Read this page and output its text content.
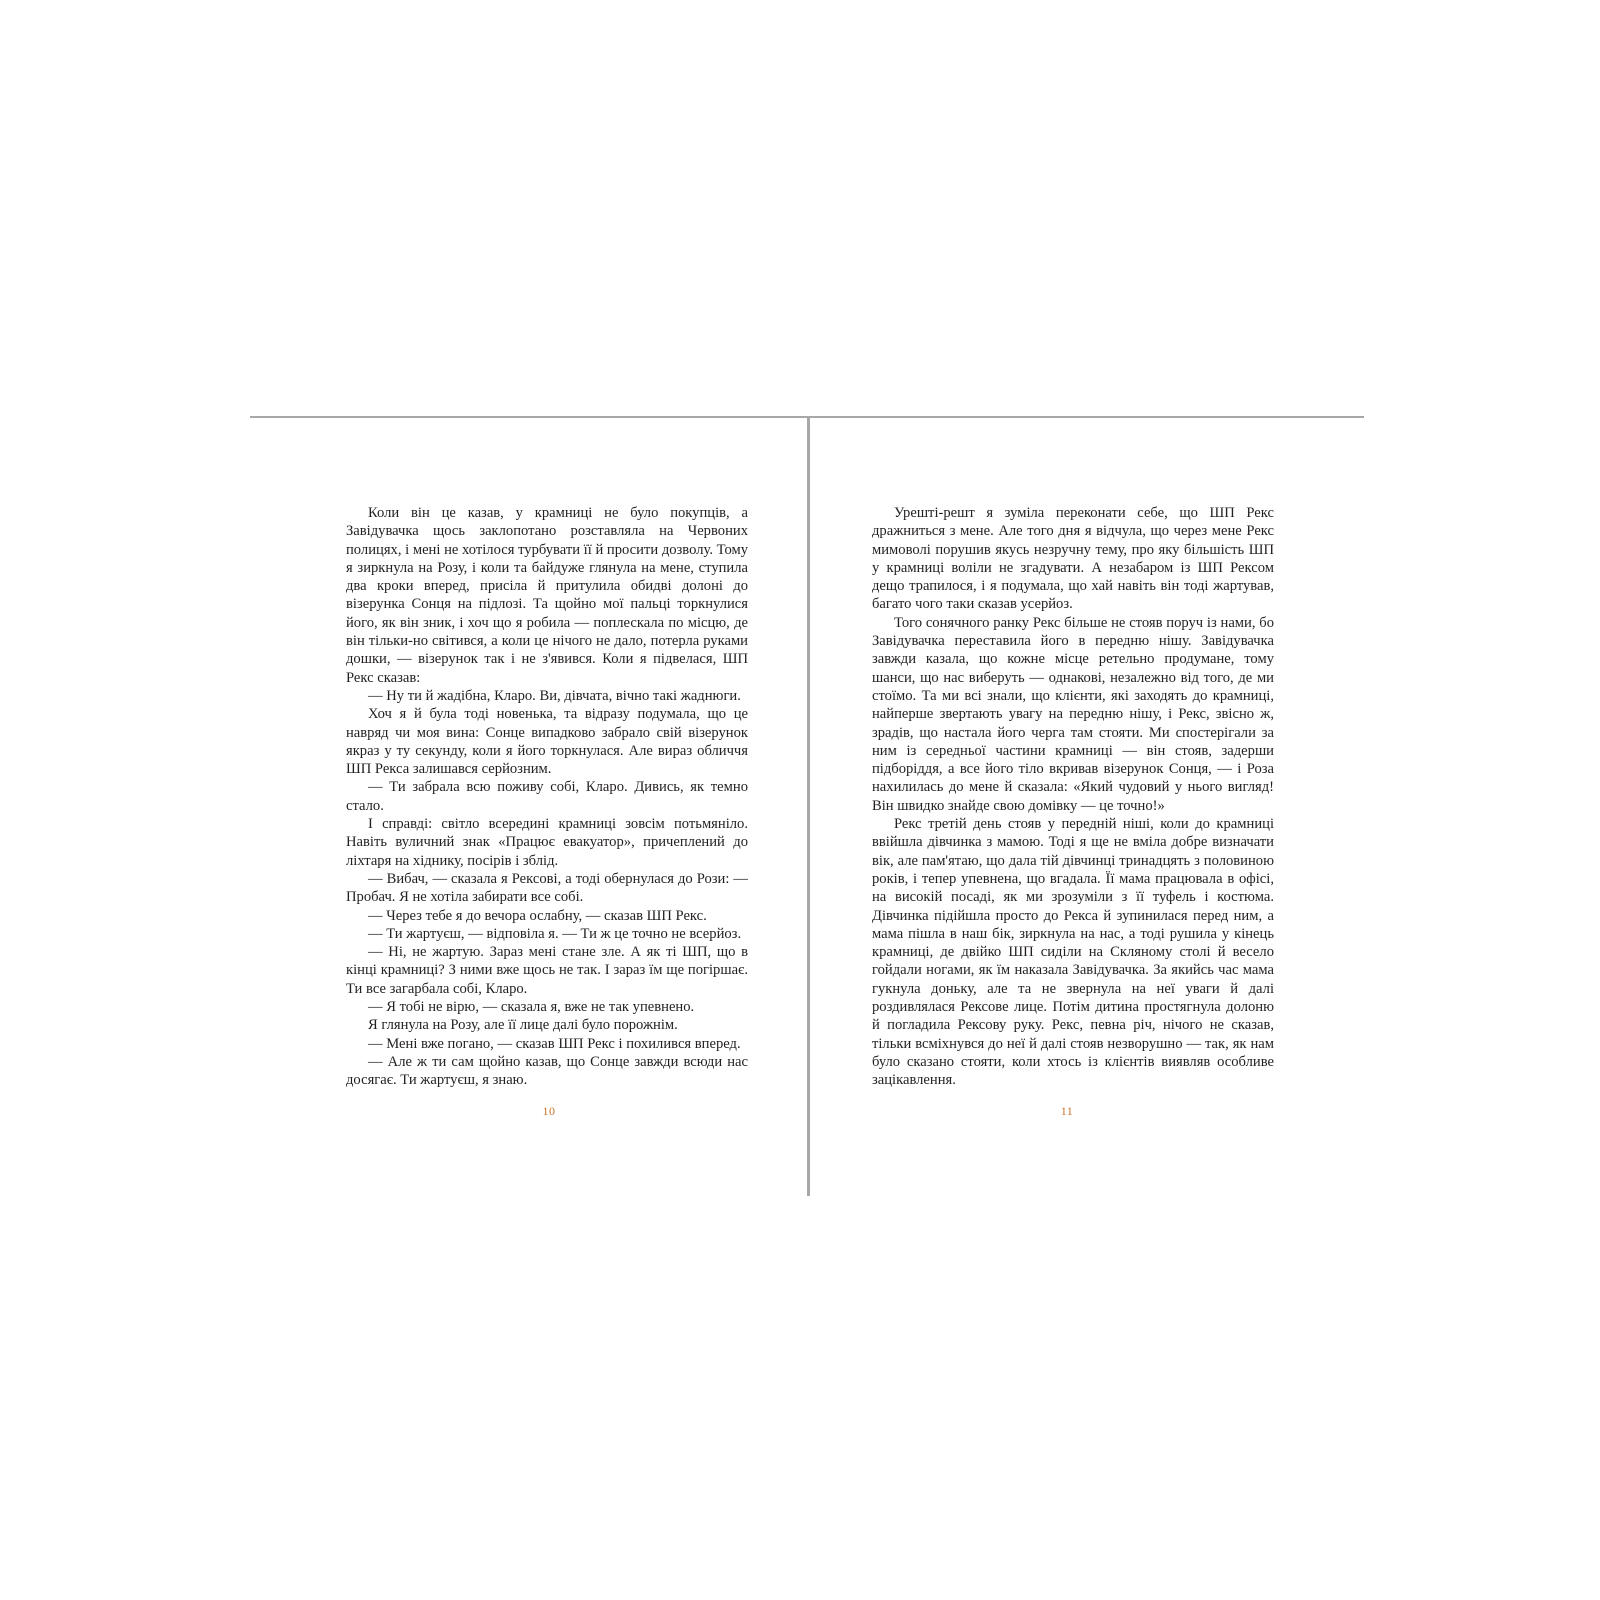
Коли він це казав, у крамниці не було покупців, а Завідувачка щось заклопотано розставляла на Червоних полицях, і мені не хотілося турбувати її й просити дозволу. Тому я зиркнула на Розу, і коли та байдуже глянула на мене, ступила два кроки вперед, присіла й притулила обидві долоні до візерунка Сонця на підлозі. Та щойно мої пальці торкнулися його, як він зник, і хоч що я робила — поплескала по місцю, де він тільки-но світився, а коли це нічого не дало, потерла руками дошки, — візерунок так і не з'явився. Коли я підвелася, ШП Рекс сказав:

— Ну ти й жадібна, Кларо. Ви, дівчата, вічно такі жаднюги.

Хоч я й була тоді новенька, та відразу подумала, що це навряд чи моя вина: Сонце випадково забрало свій візерунок якраз у ту секунду, коли я його торкнулася. Але вираз обличчя ШП Рекса залишався серйозним.

— Ти забрала всю поживу собі, Кларо. Дивись, як темно стало.

І справді: світло всередині крамниці зовсім потьмяніло. Навіть вуличний знак «Працює евакуатор», причеплений до ліхтаря на хіднику, посірів і зблід.

— Вибач, — сказала я Рексові, а тоді обернулася до Рози: — Пробач. Я не хотіла забирати все собі.

— Через тебе я до вечора ослабну, — сказав ШП Рекс.

— Ти жартуєш, — відповіла я. — Ти ж це точно не всерйоз.

— Ні, не жартую. Зараз мені стане зле. А як ті ШП, що в кінці крамниці? З ними вже щось не так. І зараз їм ще погіршає. Ти все загарбала собі, Кларо.

— Я тобі не вірю, — сказала я, вже не так упевнено.

Я глянула на Розу, але її лице далі було порожнім.

— Мені вже погано, — сказав ШП Рекс і похилився вперед.

— Але ж ти сам щойно казав, що Сонце завжди всюди нас досягає. Ти жартуєш, я знаю.

Урешті-решт я зуміла переконати себе, що ШП Рекс дражниться з мене. Але того дня я відчула, що через мене Рекс мимоволі порушив якусь незручну тему, про яку більшість ШП у крамниці воліли не згадувати. А незабаром із ШП Рексом дещо трапилося, і я подумала, що хай навіть він тоді жартував, багато чого таки сказав усерйоз.

Того сонячного ранку Рекс більше не стояв поруч із нами, бо Завідувачка переставила його в передню нішу. Завідувачка завжди казала, що кожне місце ретельно продумане, тому шанси, що нас виберуть — однакові, незалежно від того, де ми стоїмо. Та ми всі знали, що клієнти, які заходять до крамниці, найперше звертають увагу на передню нішу, і Рекс, звісно ж, зрадів, що настала його черга там стояти. Ми спостерігали за ним із середньої частини крамниці — він стояв, задерши підборіддя, а все його тіло вкривав візерунок Сонця, — і Роза нахилилась до мене й сказала: «Який чудовий у нього вигляд! Він швидко знайде свою домівку — це точно!»

Рекс третій день стояв у передній ніші, коли до крамниці ввійшла дівчинка з мамою. Тоді я ще не вміла добре визначати вік, але пам'ятаю, що дала тій дівчинці тринадцять з половиною років, і тепер упевнена, що вгадала. Її мама працювала в офісі, на високій посаді, як ми зрозуміли з її туфель і костюма. Дівчинка підійшла просто до Рекса й зупинилася перед ним, а мама пішла в наш бік, зиркнула на нас, а тоді рушила у кінець крамниці, де двійко ШП сиділи на Скляному столі й весело гойдали ногами, як їм наказала Завідувачка. За якийсь час мама гукнула доньку, але та не звернула на неї уваги й далі роздивлялася Рексове лице. Потім дитина простягнула долоню й погладила Рексову руку. Рекс, певна річ, нічого не сказав, тільки всміхнувся до неї й далі стояв незворушно — так, як нам було сказано стояти, коли хтось із клієнтів виявляв особливе зацікавлення.

10	11
